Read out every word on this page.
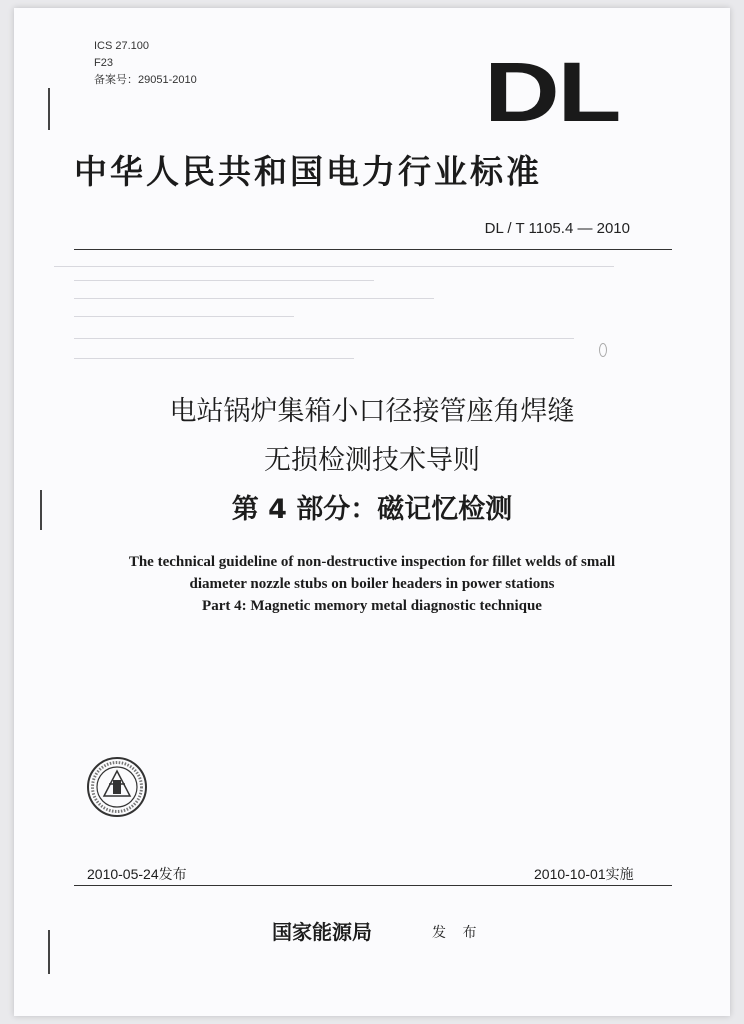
ICS 27.100
F23
备案号：29051-2010	DL
中华人民共和国电力行业标准
DL / T 1105.4 — 2010
电站锅炉集箱小口径接管座角焊缝
无损检测技术导则
第 4 部分：磁记忆检测
The technical guideline of non-destructive inspection for fillet welds of small
diameter nozzle stubs on boiler headers in power stations
Part 4: Magnetic memory metal diagnostic technique
2010-05-24发布	2010-10-01实施
国家能源局	发 布
